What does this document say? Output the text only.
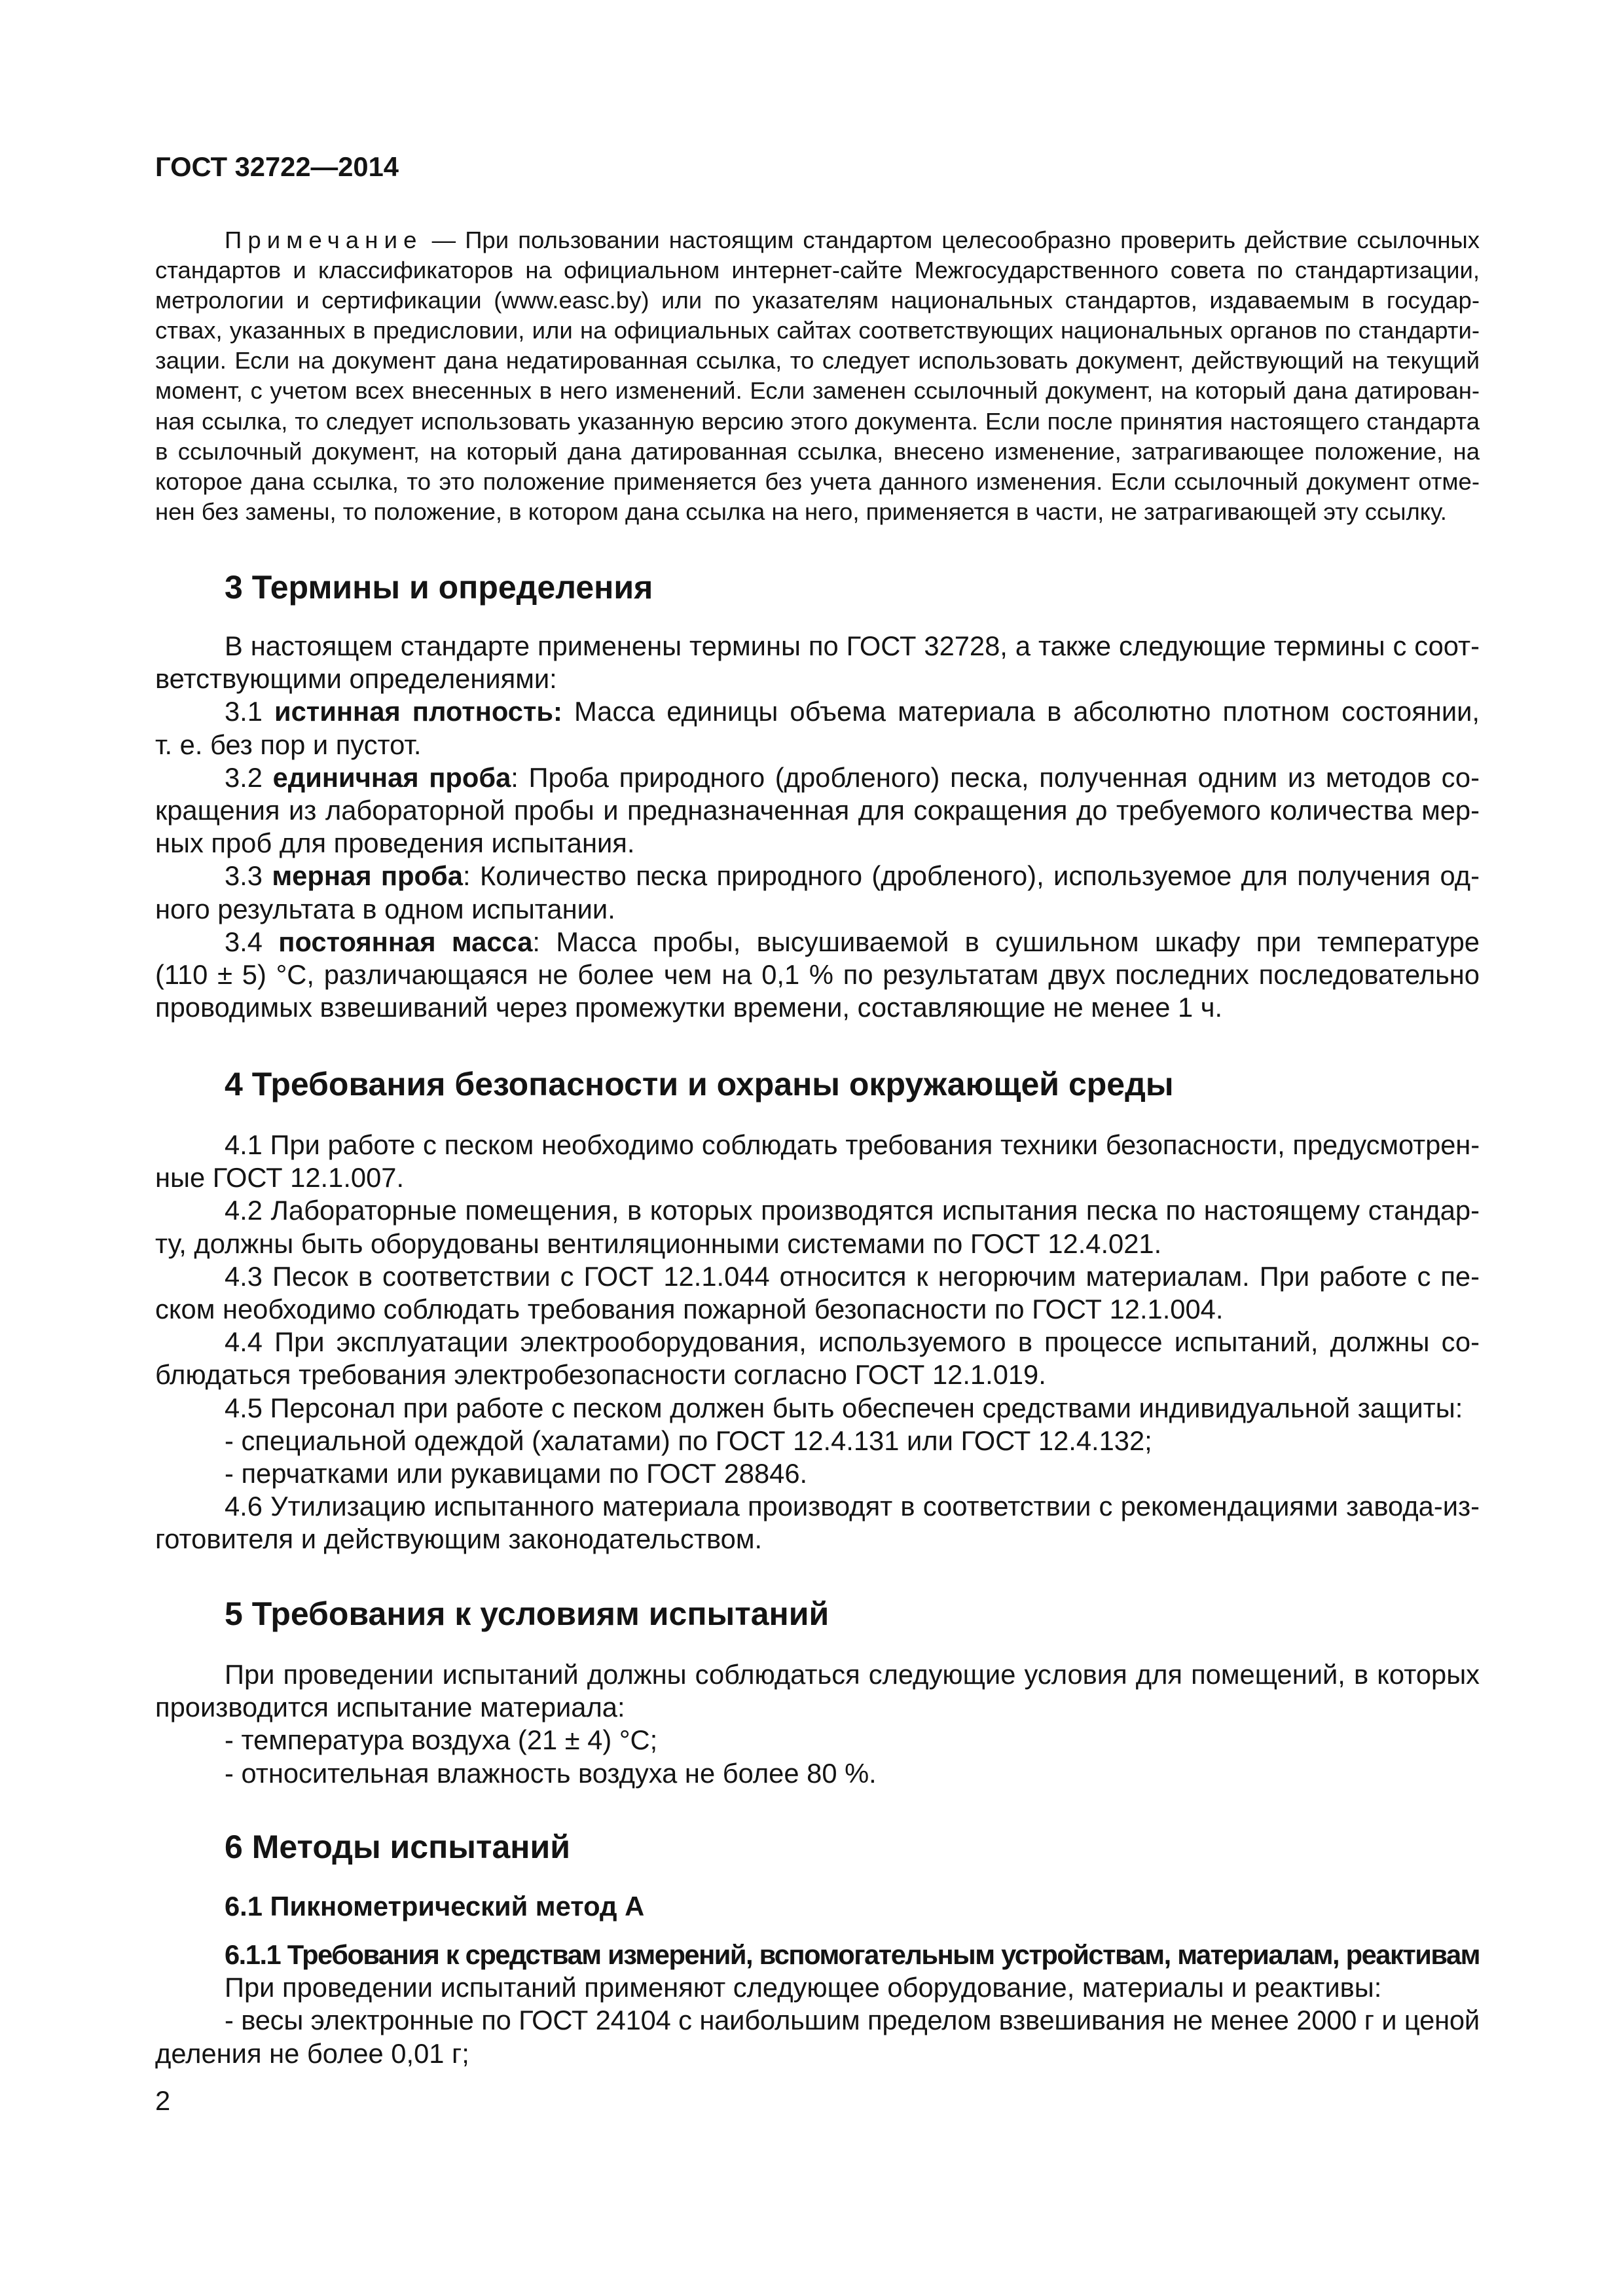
ГОСТ 32722—2014
Примечание — При пользовании настоящим стандартом целесообразно проверить действие ссылочных
стандартов и классификаторов на официальном интернет-сайте Межгосударственного совета по стандартизации,
метрологии и сертификации (www.easc.by) или по указателям национальных стандартов, издаваемым в государ-
ствах, указанных в предисловии, или на официальных сайтах соответствующих национальных органов по стандарти-
зации. Если на документ дана недатированная ссылка, то следует использовать документ, действующий на текущий
момент, с учетом всех внесенных в него изменений. Если заменен ссылочный документ, на который дана датирован-
ная ссылка, то следует использовать указанную версию этого документа. Если после принятия настоящего стандарта
в ссылочный документ, на который дана датированная ссылка, внесено изменение, затрагивающее положение, на
которое дана ссылка, то это положение применяется без учета данного изменения. Если ссылочный документ отме-
нен без замены, то положение, в котором дана ссылка на него, применяется в части, не затрагивающей эту ссылку.
3 Термины и определения
В настоящем стандарте применены термины по ГОСТ 32728, а также следующие термины с соот-
ветствующими определениями:
3.1 истинная плотность: Масса единицы объема материала в абсолютно плотном состоянии,
т. е. без пор и пустот.
3.2 единичная проба: Проба природного (дробленого) песка, полученная одним из методов со-
кращения из лабораторной пробы и предназначенная для сокращения до требуемого количества мер-
ных проб для проведения испытания.
3.3 мерная проба: Количество песка природного (дробленого), используемое для получения од-
ного результата в одном испытании.
3.4 постоянная масса: Масса пробы, высушиваемой в сушильном шкафу при температуре
(110 ± 5) °С, различающаяся не более чем на 0,1 % по результатам двух последних последовательно
проводимых взвешиваний через промежутки времени, составляющие не менее 1 ч.
4 Требования безопасности и охраны окружающей среды
4.1 При работе с песком необходимо соблюдать требования техники безопасности, предусмотрен-
ные ГОСТ 12.1.007.
4.2 Лабораторные помещения, в которых производятся испытания песка по настоящему стандар-
ту, должны быть оборудованы вентиляционными системами по ГОСТ 12.4.021.
4.3 Песок в соответствии с ГОСТ 12.1.044 относится к негорючим материалам. При работе с пе-
ском необходимо соблюдать требования пожарной безопасности по ГОСТ 12.1.004.
4.4 При эксплуатации электрооборудования, используемого в процессе испытаний, должны со-
блюдаться требования электробезопасности согласно ГОСТ 12.1.019.
4.5 Персонал при работе с песком должен быть обеспечен средствами индивидуальной защиты:
- специальной одеждой (халатами) по ГОСТ 12.4.131 или ГОСТ 12.4.132;
- перчатками или рукавицами по ГОСТ 28846.
4.6 Утилизацию испытанного материала производят в соответствии с рекомендациями завода-из-
готовителя и действующим законодательством.
5 Требования к условиям испытаний
При проведении испытаний должны соблюдаться следующие условия для помещений, в которых
производится испытание материала:
- температура воздуха (21 ± 4) °С;
- относительная влажность воздуха не более 80 %.
6 Методы испытаний
6.1 Пикнометрический метод А
6.1.1 Требования к средствам измерений, вспомогательным устройствам, материалам, реактивам
При проведении испытаний применяют следующее оборудование, материалы и реактивы:
- весы электронные по ГОСТ 24104 с наибольшим пределом взвешивания не менее 2000 г и ценой
деления не более 0,01 г;
2
